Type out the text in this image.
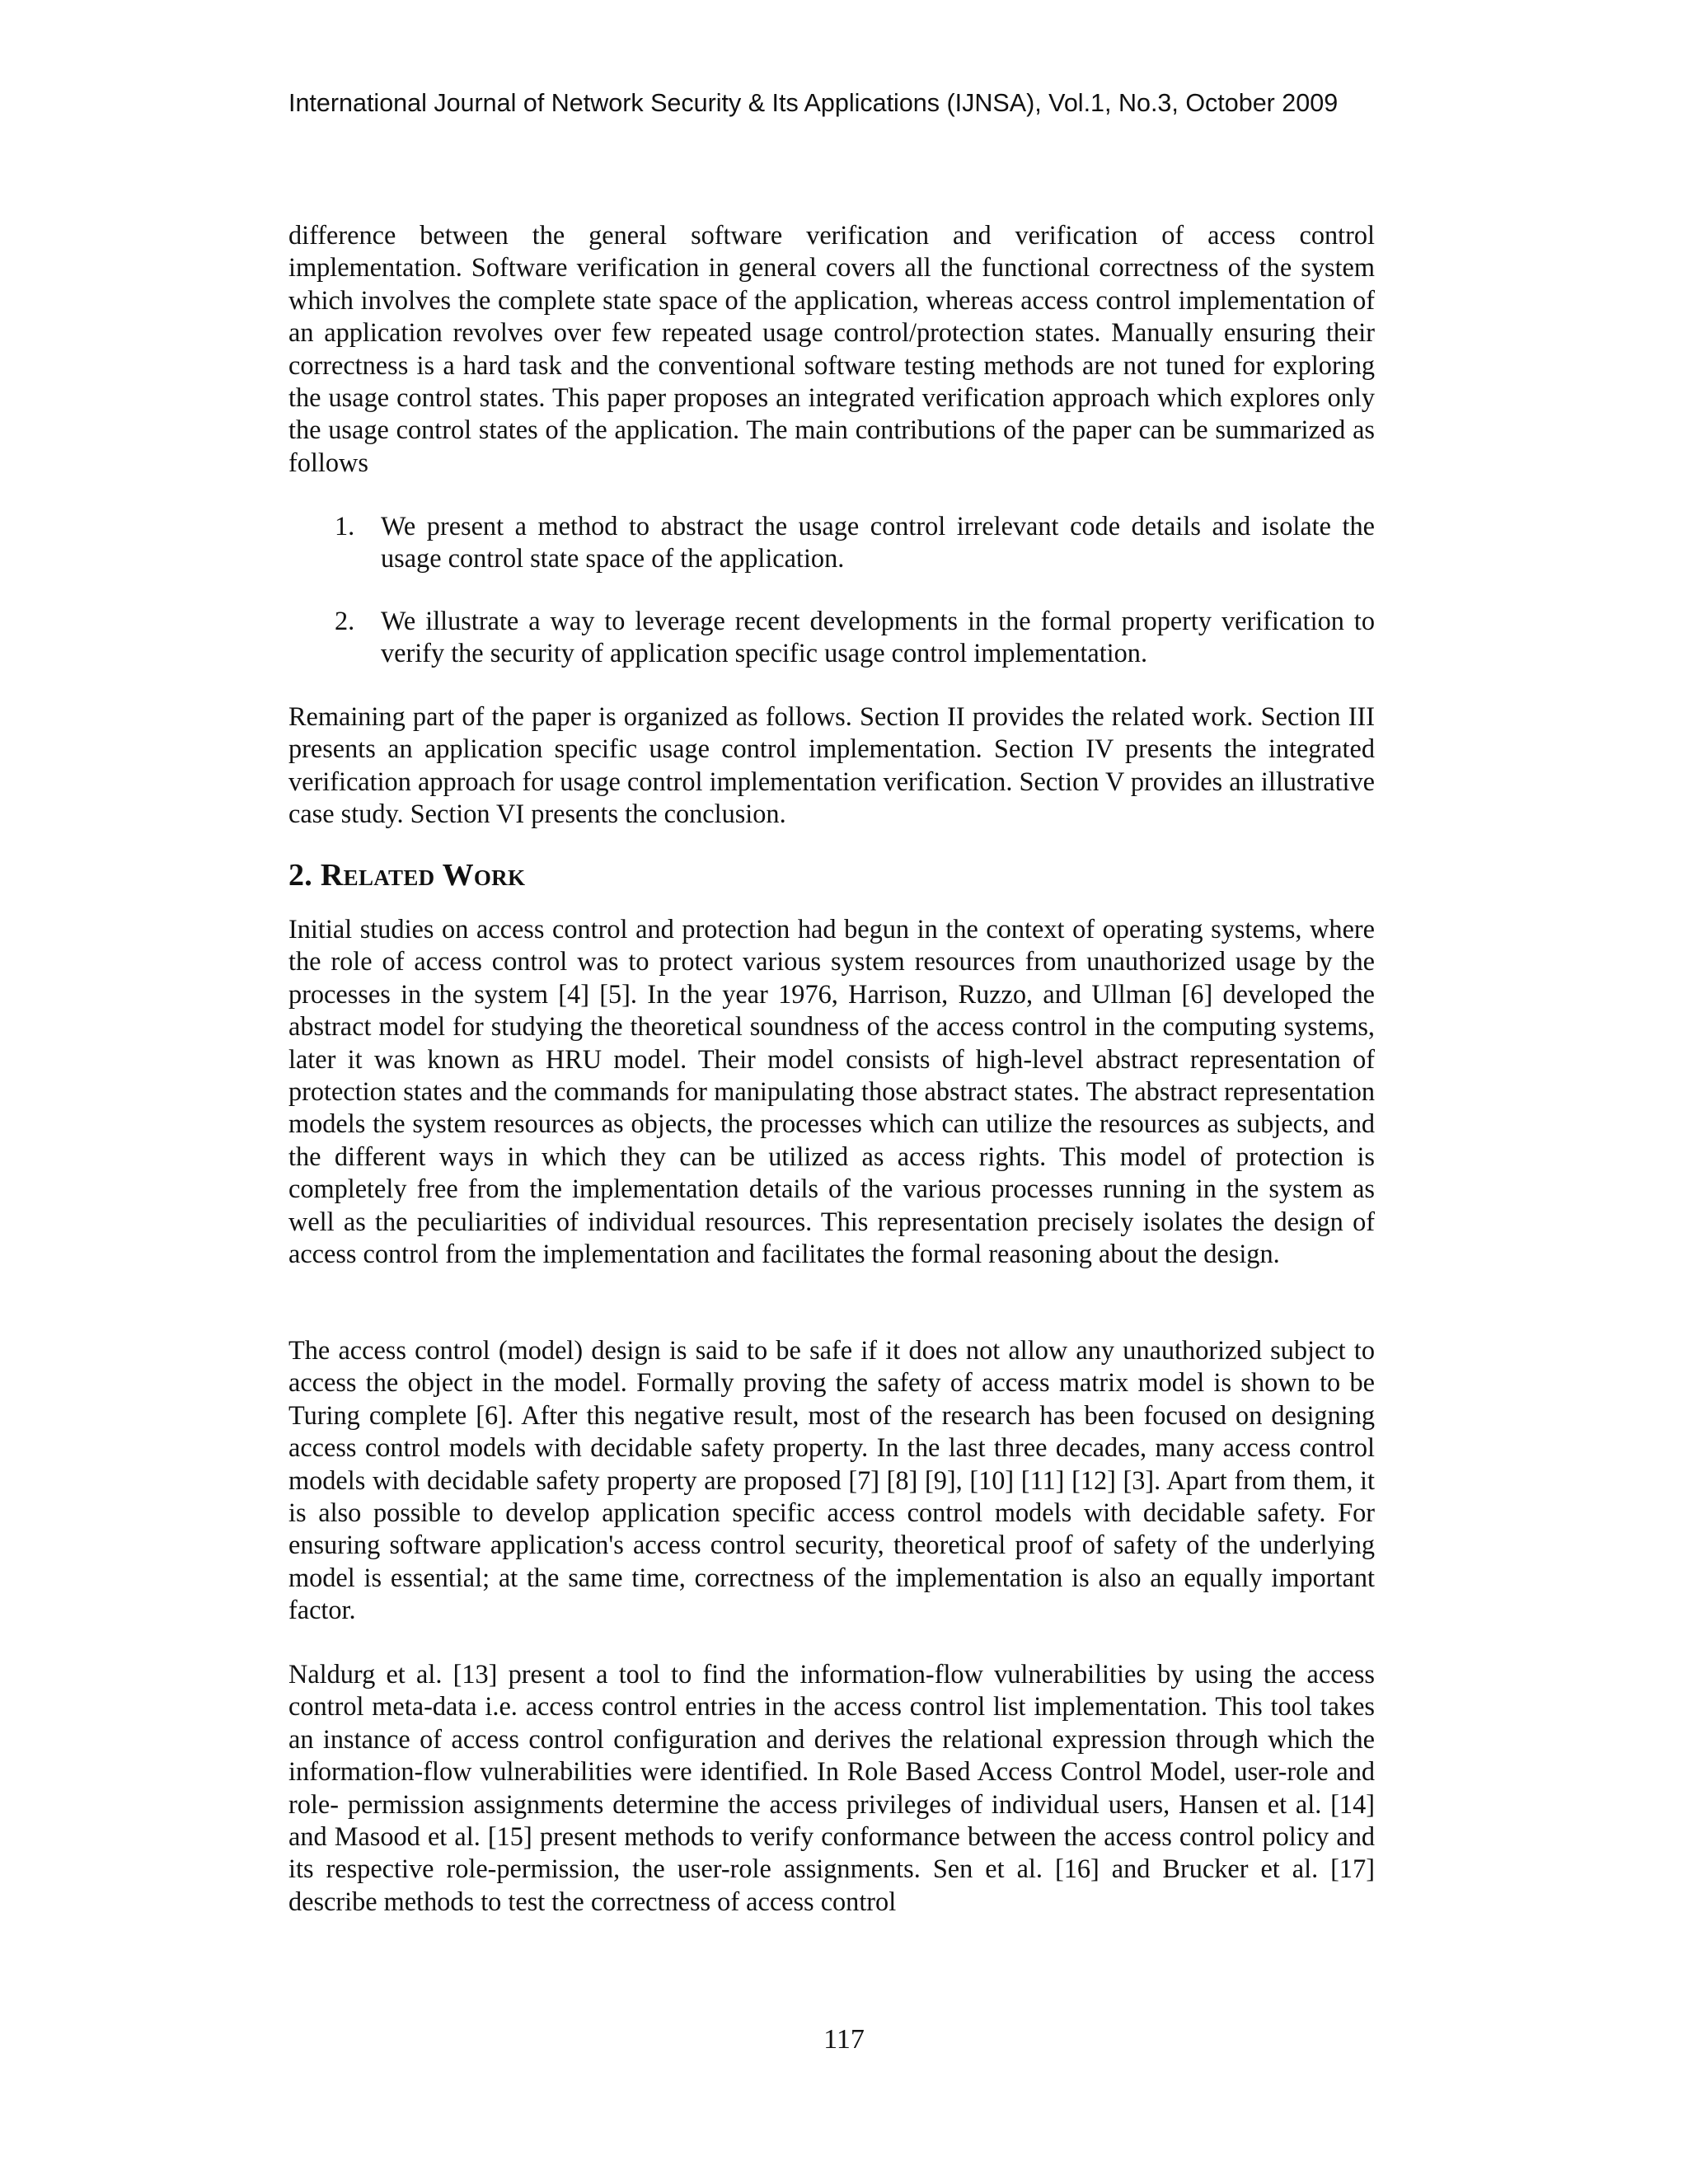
International Journal of Network Security & Its Applications (IJNSA), Vol.1, No.3, October 2009

difference between the general software verification and verification of access control implementation. Software verification in general covers all the functional correctness of the system which involves the complete state space of the application, whereas access control implementation of an application revolves over few repeated usage control/protection states. Manually ensuring their correctness is a hard task and the conventional software testing methods are not tuned for exploring the usage control states. This paper proposes an integrated verification approach which explores only the usage control states of the application. The main contributions of the paper can be summarized as follows

1. We present a method to abstract the usage control irrelevant code details and isolate the usage control state space of the application.
2. We illustrate a way to leverage recent developments in the formal property verification to verify the security of application specific usage control implementation.

Remaining part of the paper is organized as follows. Section II provides the related work. Section III presents an application specific usage control implementation. Section IV presents the integrated verification approach for usage control implementation verification. Section V provides an illustrative case study. Section VI presents the conclusion.

2. Related Work

Initial studies on access control and protection had begun in the context of operating systems, where the role of access control was to protect various system resources from unauthorized usage by the processes in the system [4] [5]. In the year 1976, Harrison, Ruzzo, and Ullman [6] developed the abstract model for studying the theoretical soundness of the access control in the computing systems, later it was known as HRU model. Their model consists of high-level abstract representation of protection states and the commands for manipulating those abstract states. The abstract representation models the system resources as objects, the processes which can utilize the resources as subjects, and the different ways in which they can be utilized as access rights. This model of protection is completely free from the implementation details of the various processes running in the system as well as the peculiarities of individual resources. This representation precisely isolates the design of access control from the implementation and facilitates the formal reasoning about the design.

The access control (model) design is said to be safe if it does not allow any unauthorized subject to access the object in the model. Formally proving the safety of access matrix model is shown to be Turing complete [6]. After this negative result, most of the research has been focused on designing access control models with decidable safety property. In the last three decades, many access control models with decidable safety property are proposed [7] [8] [9], [10] [11] [12] [3]. Apart from them, it is also possible to develop application specific access control models with decidable safety. For ensuring software application's access control security, theoretical proof of safety of the underlying model is essential; at the same time, correctness of the implementation is also an equally important factor.

Naldurg et al. [13] present a tool to find the information-flow vulnerabilities by using the access control meta-data i.e. access control entries in the access control list implementation. This tool takes an instance of access control configuration and derives the relational expression through which the information-flow vulnerabilities were identified. In Role Based Access Control Model, user-role and role- permission assignments determine the access privileges of individual users, Hansen et al. [14] and Masood et al. [15] present methods to verify conformance between the access control policy and its respective role-permission, the user-role assignments. Sen et al. [16] and Brucker et al. [17] describe methods to test the correctness of access control

117
